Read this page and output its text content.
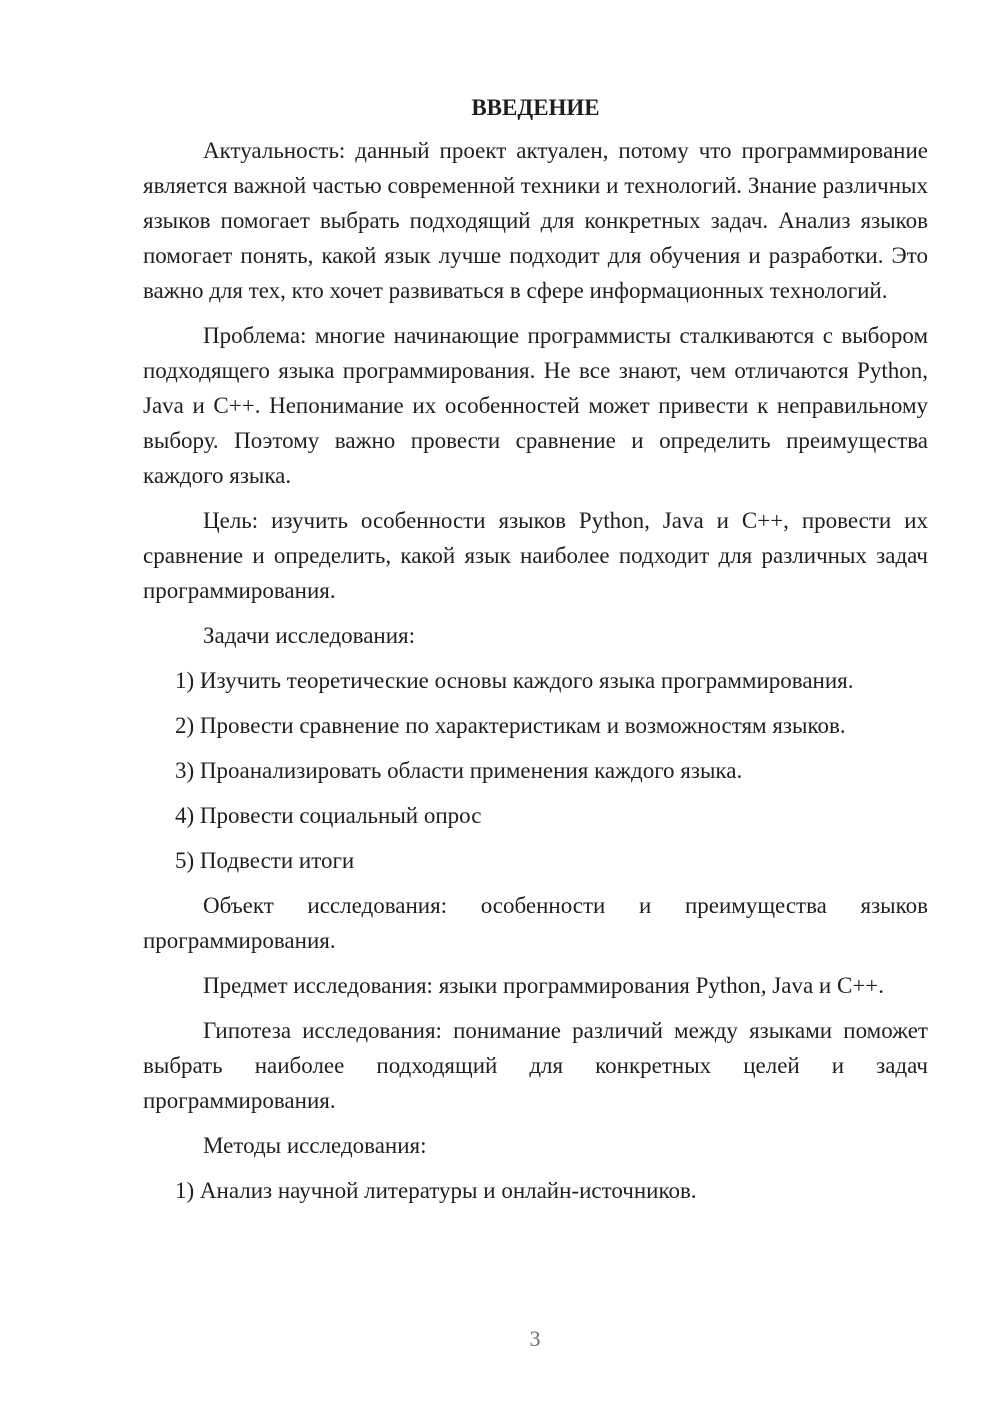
ВВЕДЕНИЕ

Актуальность: данный проект актуален, потому что программирование является важной частью современной техники и технологий. Знание различных языков помогает выбрать подходящий для конкретных задач. Анализ языков помогает понять, какой язык лучше подходит для обучения и разработки. Это важно для тех, кто хочет развиваться в сфере информационных технологий.

Проблема: многие начинающие программисты сталкиваются с выбором подходящего языка программирования. Не все знают, чем отличаются Python, Java и C++. Непонимание их особенностей может привести к неправильному выбору. Поэтому важно провести сравнение и определить преимущества каждого языка.

Цель: изучить особенности языков Python, Java и C++, провести их сравнение и определить, какой язык наиболее подходит для различных задач программирования.

Задачи исследования:
1) Изучить теоретические основы каждого языка программирования.
2) Провести сравнение по характеристикам и возможностям языков.
3) Проанализировать области применения каждого языка.
4) Провести социальный опрос
5) Подвести итоги

Объект исследования: особенности и преимущества языков программирования.

Предмет исследования: языки программирования Python, Java и C++.

Гипотеза исследования: понимание различий между языками поможет выбрать наиболее подходящий для конкретных целей и задач программирования.

Методы исследования:
1) Анализ научной литературы и онлайн-источников.
3
